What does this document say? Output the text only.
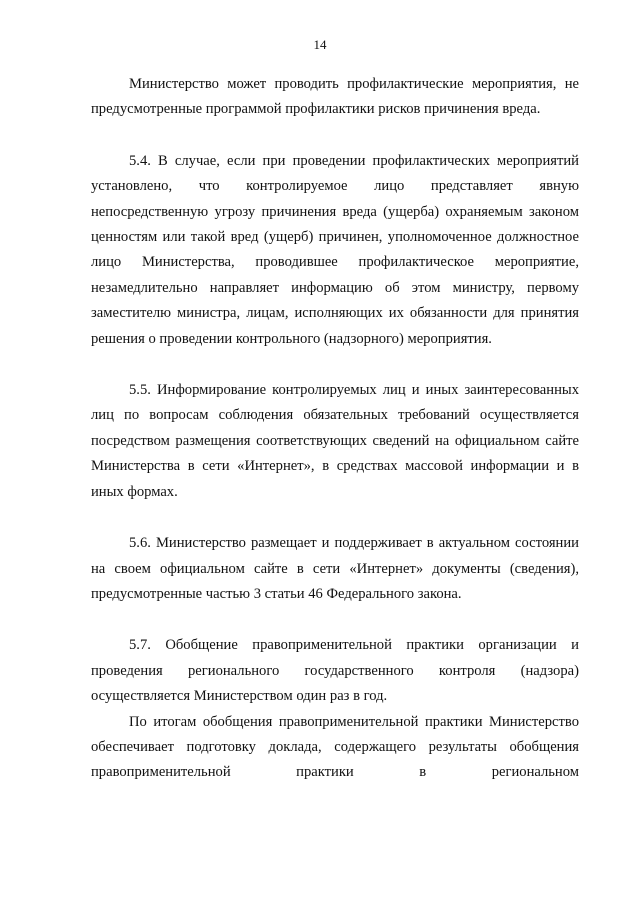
14

Министерство может проводить профилактические мероприятия, не

предусмотренные программой профилактики рисков причинения вреда.

5.4. В случае, если при проведении профилактических мероприятий установлено, что контролируемое лицо представляет явную непосредственную угрозу причинения вреда (ущерба) охраняемым законом ценностям или такой вред (ущерб) причинен, уполномоченное должностное лицо Министерства, проводившее профилактическое мероприятие, незамедлительно направляет информацию об этом министру, первому заместителю министра, лицам, исполняющих их обязанности для принятия решения о проведении контрольного (надзорного) мероприятия.

5.5. Информирование контролируемых лиц и иных заинтересованных лиц по вопросам соблюдения обязательных требований осуществляется посредством размещения соответствующих сведений на официальном сайте Министерства в сети «Интернет», в средствах массовой информации и в иных формах.

5.6. Министерство размещает и поддерживает в актуальном состоянии на своем официальном сайте в сети «Интернет» документы (сведения), предусмотренные частью 3 статьи 46 Федерального закона.

5.7. Обобщение правоприменительной практики организации и проведения регионального государственного контроля (надзора) осуществляется Министерством один раз в год.

По итогам обобщения правоприменительной практики Министерство обеспечивает подготовку доклада, содержащего результаты обобщения правоприменительной практики в региональном
